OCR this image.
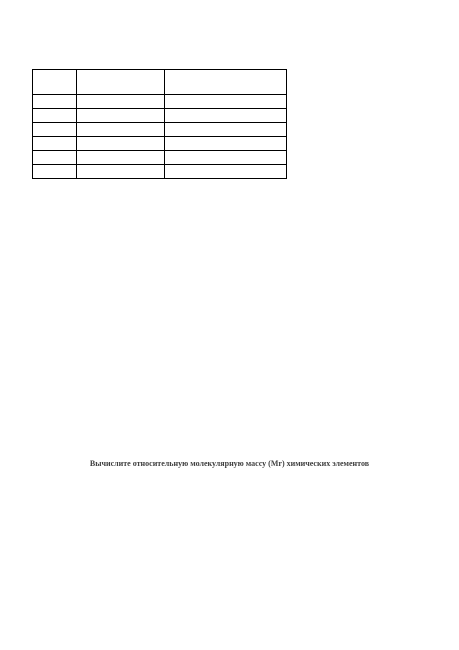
Вычислите относительную молекулярную массу (Mr) химических элементов
